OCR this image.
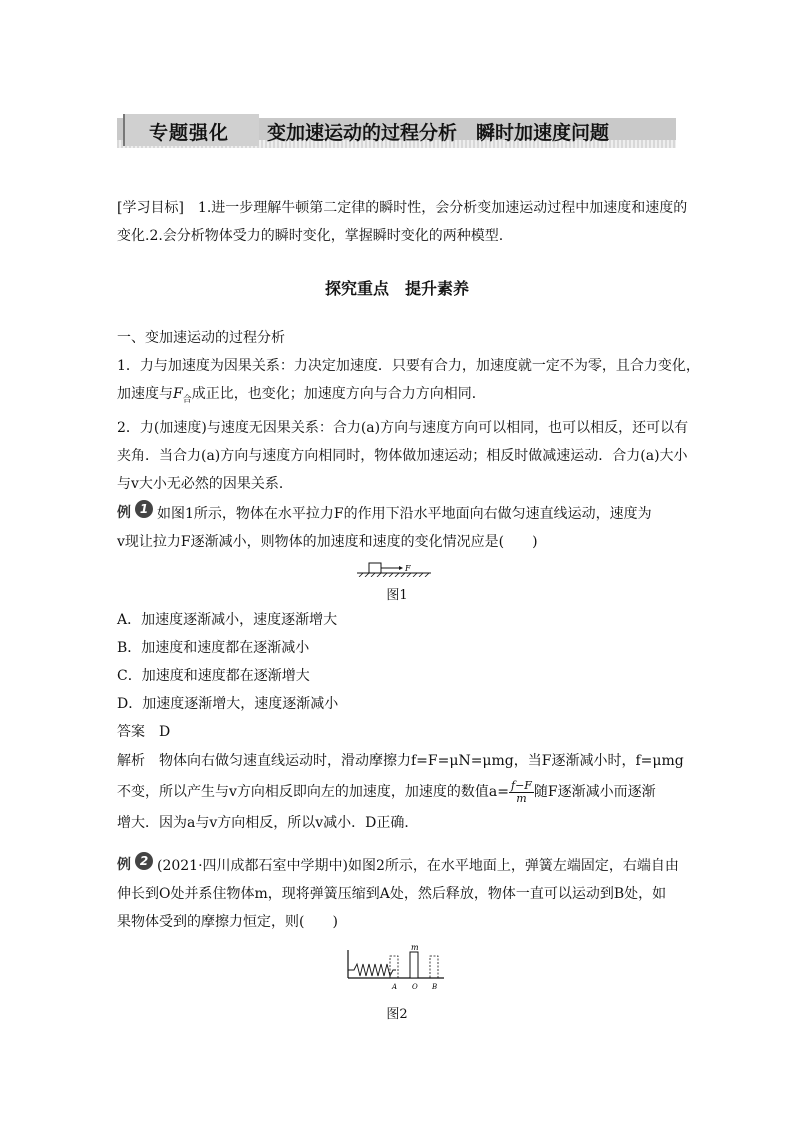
专题强化 变加速运动的过程分析　瞬时加速度问题

[学习目标]　1.进一步理解牛顿第二定律的瞬时性，会分析变加速运动过程中加速度和速度的
变化.2.会分析物体受力的瞬时变化，掌握瞬时变化的两种模型.

探究重点　提升素养

一、变加速运动的过程分析
1．力与加速度为因果关系：力决定加速度．只要有合力，加速度就一定不为零，且合力变化，
加速度与$F_合$成正比，也变化；加速度方向与合力方向相同．
2．力(加速度)与速度无因果关系：合力(a)方向与速度方向可以相同，也可以相反，还可以有
夹角．当合力(a)方向与速度方向相同时，物体做加速运动；相反时做减速运动．合力(a)大小
与v大小无必然的因果关系．

例 1 如图1所示，物体在水平拉力F的作用下沿水平地面向右做匀速直线运动，速度为
v现让拉力F逐渐减小，则物体的加速度和速度的变化情况应是(　　)

F
图1

A．加速度逐渐减小，速度逐渐增大
B．加速度和速度都在逐渐减小
C．加速度和速度都在逐渐增大
D．加速度逐渐增大，速度逐渐减小
答案　D

解析　物体向右做匀速直线运动时，滑动摩擦力f=F=μN=μmg，当F逐渐减小时，f=μmg
不变，所以产生与v方向相反即向左的加速度，加速度的数值$a= \frac{f-F}{m}$ 随F逐渐减小而逐渐
增大．因为a与v方向相反，所以v减小．D正确．

例 2 (2021·四川成都石室中学期中)如图2所示，在水平地面上，弹簧左端固定，右端自由
伸长到O处并系住物体m，现将弹簧压缩到A处，然后释放，物体一直可以运动到B处，如
果物体受到的摩擦力恒定，则(　　)

m
A O B
图2
